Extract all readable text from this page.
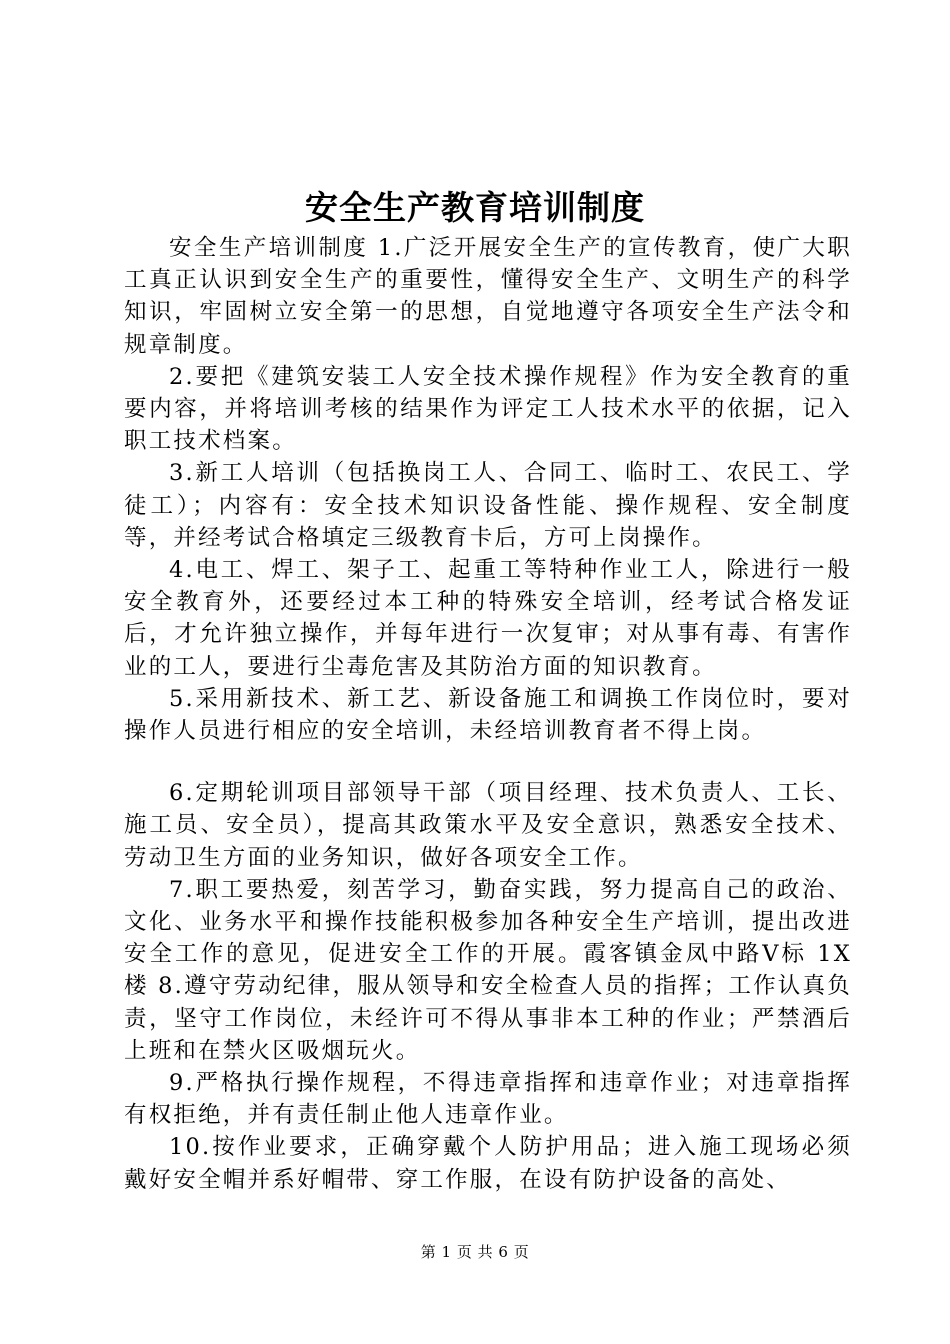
安全生产教育培训制度

安全生产培训制度 1.广泛开展安全生产的宣传教育，使广大职工真正认识到安全生产的重要性，懂得安全生产、文明生产的科学知识，牢固树立安全第一的思想，自觉地遵守各项安全生产法令和规章制度。

2.要把《建筑安装工人安全技术操作规程》作为安全教育的重要内容，并将培训考核的结果作为评定工人技术水平的依据，记入职工技术档案。

3.新工人培训（包括换岗工人、合同工、临时工、农民工、学徒工）；内容有：安全技术知识设备性能、操作规程、安全制度等，并经考试合格填定三级教育卡后，方可上岗操作。

4.电工、焊工、架子工、起重工等特种作业工人，除进行一般安全教育外，还要经过本工种的特殊安全培训，经考试合格发证后，才允许独立操作，并每年进行一次复审；对从事有毒、有害作业的工人，要进行尘毒危害及其防治方面的知识教育。

5.采用新技术、新工艺、新设备施工和调换工作岗位时，要对操作人员进行相应的安全培训，未经培训教育者不得上岗。

6.定期轮训项目部领导干部（项目经理、技术负责人、工长、施工员、安全员），提高其政策水平及安全意识，熟悉安全技术、劳动卫生方面的业务知识，做好各项安全工作。

7.职工要热爱，刻苦学习，勤奋实践，努力提高自己的政治、文化、业务水平和操作技能积极参加各种安全生产培训，提出改进安全工作的意见，促进安全工作的开展。霞客镇金凤中路Ⅴ标 1X 楼 8.遵守劳动纪律，服从领导和安全检查人员的指挥；工作认真负责，坚守工作岗位，未经许可不得从事非本工种的作业；严禁酒后上班和在禁火区吸烟玩火。

9.严格执行操作规程，不得违章指挥和违章作业；对违章指挥有权拒绝，并有责任制止他人违章作业。

10.按作业要求，正确穿戴个人防护用品；进入施工现场必须戴好安全帽并系好帽带、穿工作服，在设有防护设备的高处、

第 1 页 共 6 页
